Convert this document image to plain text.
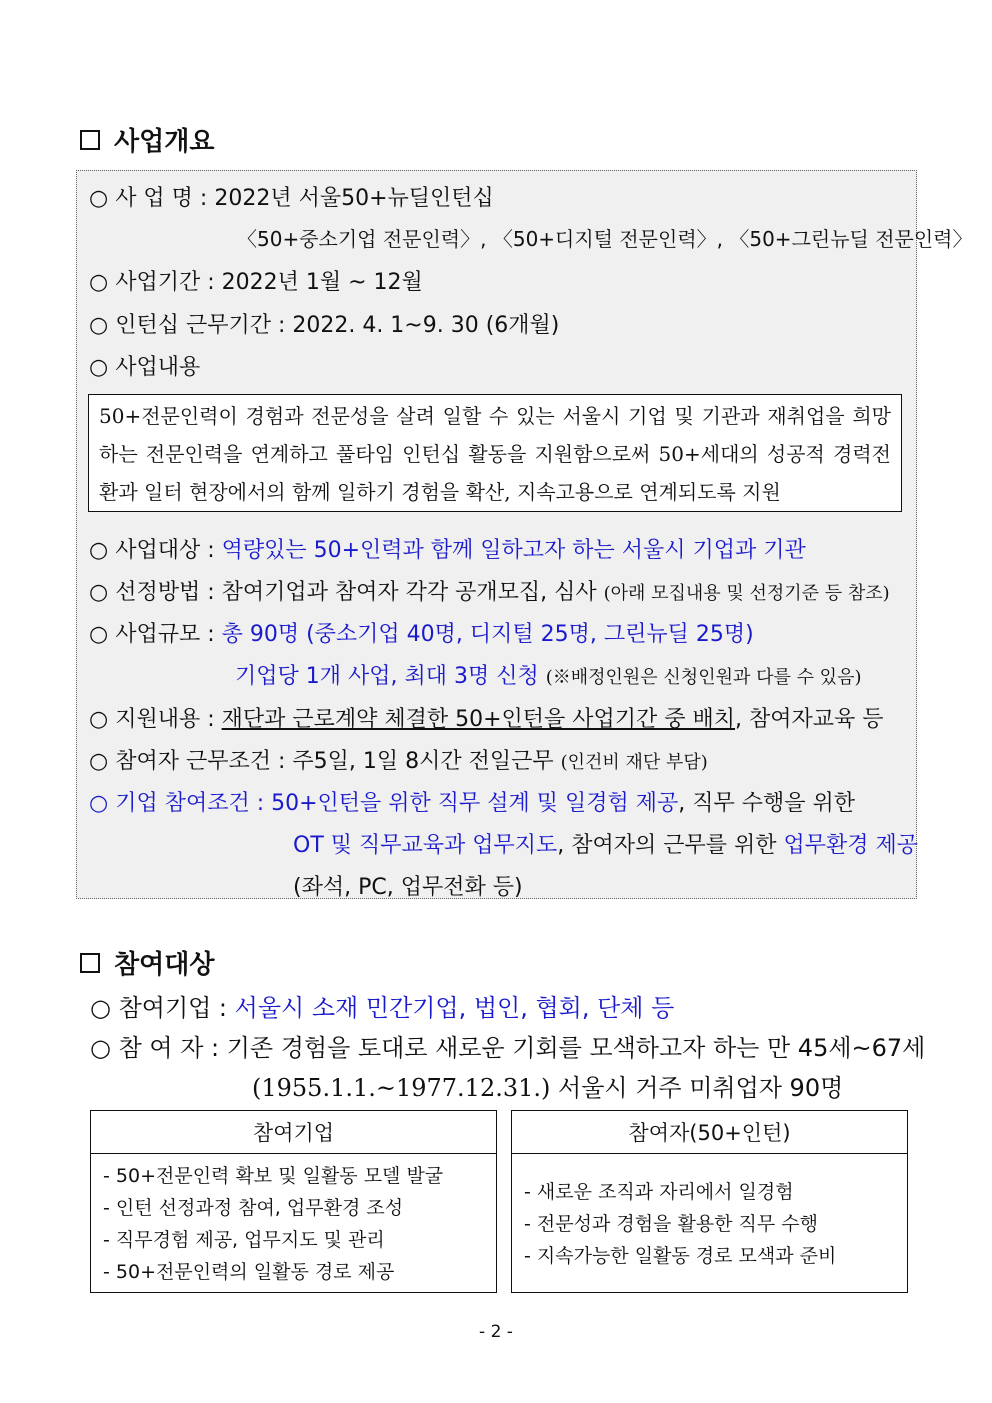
사업개요
○ 사 업 명 : 2022년 서울50+뉴딜인턴십
〈50+중소기업 전문인력〉, 〈50+디지털 전문인력〉, 〈50+그린뉴딜 전문인력〉
○ 사업기간 : 2022년 1월 ~ 12월
○ 인턴십 근무기간 : 2022. 4. 1~9. 30 (6개월)
○ 사업내용
50+전문인력이 경험과 전문성을 살려 일할 수 있는 서울시 기업 및 기관과 재취업을 희망하는 전문인력을 연계하고 풀타임 인턴십 활동을 지원함으로써 50+세대의 성공적 경력전환과 일터 현장에서의 함께 일하기 경험을 확산, 지속고용으로 연계되도록 지원
○ 사업대상 : 역량있는 50+인력과 함께 일하고자 하는 서울시 기업과 기관
○ 선정방법 : 참여기업과 참여자 각각 공개모집, 심사 (아래 모집내용 및 선정기준 등 참조)
○ 사업규모 : 총 90명 (중소기업 40명, 디지털 25명, 그린뉴딜 25명)
기업당 1개 사업, 최대 3명 신청 (※배정인원은 신청인원과 다를 수 있음)
○ 지원내용 : 재단과 근로계약 체결한 50+인턴을 사업기간 중 배치, 참여자교육 등
○ 참여자 근무조건 : 주5일, 1일 8시간 전일근무 (인건비 재단 부담)
○ 기업 참여조건 : 50+인턴을 위한 직무 설계 및 일경험 제공, 직무 수행을 위한
OT 및 직무교육과 업무지도, 참여자의 근무를 위한 업무환경 제공
(좌석, PC, 업무전화 등)
참여대상
○ 참여기업 : 서울시 소재 민간기업, 법인, 협회, 단체 등
○ 참 여 자 : 기존 경험을 토대로 새로운 기회를 모색하고자 하는 만 45세~67세
(1955.1.1.~1977.12.31.) 서울시 거주 미취업자 90명
참여기업
- 50+전문인력 확보 및 일활동 모델 발굴
- 인턴 선정과정 참여, 업무환경 조성
- 직무경험 제공, 업무지도 및 관리
- 50+전문인력의 일활동 경로 제공
참여자(50+인턴)
- 새로운 조직과 자리에서 일경험
- 전문성과 경험을 활용한 직무 수행
- 지속가능한 일활동 경로 모색과 준비
- 2 -
